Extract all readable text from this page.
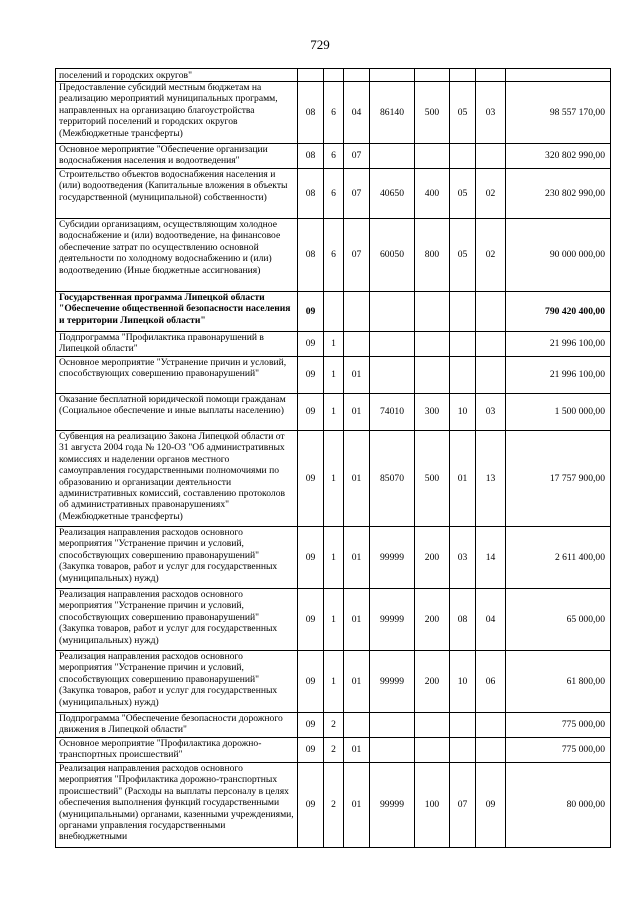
729
поселений и городских округов"								
Предоставление субсидий местным бюджетам на реализацию мероприятий муниципальных программ, направленных на организацию благоустройства территорий поселений и городских округов (Межбюджетные трансферты)	08	6	04	86140	500	05	03	98 557 170,00
Основное мероприятие "Обеспечение организации водоснабжения населения и водоотведения"	08	6	07					320 802 990,00
Строительство объектов водоснабжения населения и (или) водоотведения (Капитальные вложения в объекты государственной (муниципальной) собственности)	08	6	07	40650	400	05	02	230 802 990,00
Субсидии организациям, осуществляющим холодное водоснабжение и (или) водоотведение, на финансовое обеспечение затрат по осуществлению основной деятельности по холодному водоснабжению и (или) водоотведению (Иные бюджетные ассигнования)	08	6	07	60050	800	05	02	90 000 000,00
Государственная программа Липецкой области "Обеспечение общественной безопасности населения и территории Липецкой области"	09							790 420 400,00
Подпрограмма "Профилактика правонарушений в Липецкой области"	09	1						21 996 100,00
Основное мероприятие "Устранение причин и условий, способствующих совершению правонарушений"	09	1	01					21 996 100,00
Оказание бесплатной юридической помощи гражданам (Социальное обеспечение и иные выплаты населению)	09	1	01	74010	300	10	03	1 500 000,00
Субвенция на реализацию Закона Липецкой области от 31 августа 2004 года № 120-ОЗ "Об административных комиссиях и наделении органов местного самоуправления государственными полномочиями по образованию и организации деятельности административных комиссий, составлению протоколов об административных правонарушениях" (Межбюджетные трансферты)	09	1	01	85070	500	01	13	17 757 900,00
Реализация направления расходов основного мероприятия "Устранение причин и условий, способствующих совершению правонарушений" (Закупка товаров, работ и услуг для государственных (муниципальных) нужд)	09	1	01	99999	200	03	14	2 611 400,00
Реализация направления расходов основного мероприятия "Устранение причин и условий, способствующих совершению правонарушений" (Закупка товаров, работ и услуг для государственных (муниципальных) нужд)	09	1	01	99999	200	08	04	65 000,00
Реализация направления расходов основного мероприятия "Устранение причин и условий, способствующих совершению правонарушений" (Закупка товаров, работ и услуг для государственных (муниципальных) нужд)	09	1	01	99999	200	10	06	61 800,00
Подпрограмма "Обеспечение безопасности дорожного движения в Липецкой области"	09	2						775 000,00
Основное мероприятие "Профилактика дорожно-транспортных происшествий"	09	2	01					775 000,00
Реализация направления расходов основного мероприятия "Профилактика дорожно-транспортных происшествий" (Расходы на выплаты персоналу в целях обеспечения выполнения функций государственными (муниципальными) органами, казенными учреждениями, органами управления государственными внебюджетными	09	2	01	99999	100	07	09	80 000,00
